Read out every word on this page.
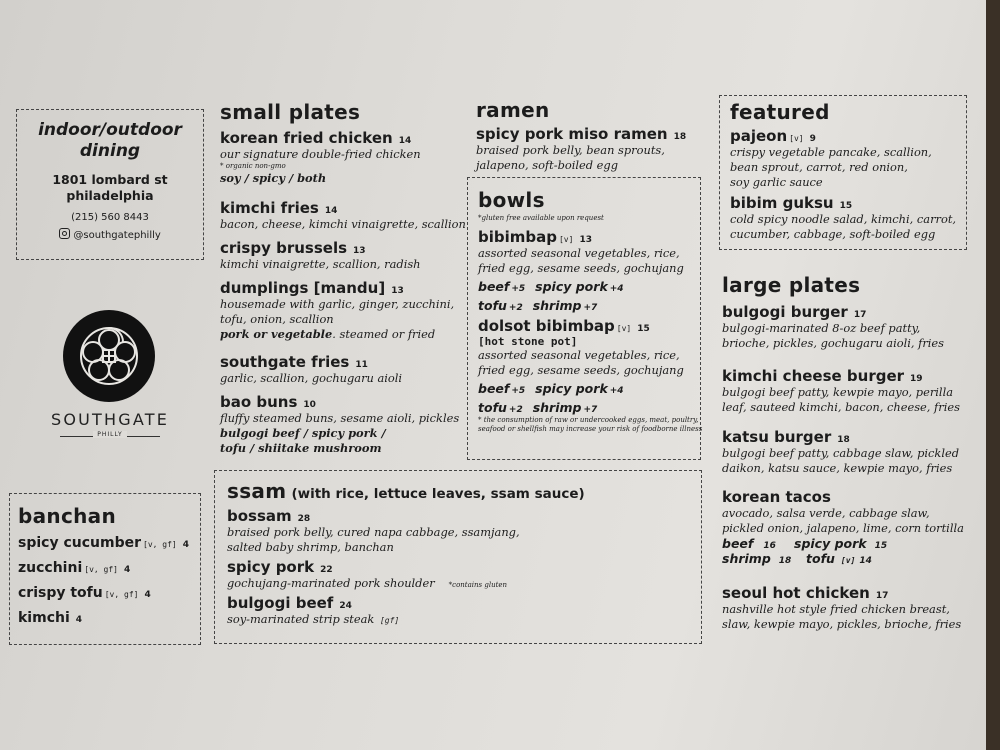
indoor/outdoor
dining
1801 lombard st
philadelphia
(215) 560 8443
@southgatephilly
SOUTHGATE
PHILLY
small plates
korean fried chicken 14
our signature double-fried chicken
* organic non-gmo
soy / spicy / both
kimchi fries 14
bacon, cheese, kimchi vinaigrette, scallion
crispy brussels 13
kimchi vinaigrette, scallion, radish
dumplings [mandu] 13
housemade with garlic, ginger, zucchini,
tofu, onion, scallion
pork or vegetable. steamed or fried
southgate fries 11
garlic, scallion, gochugaru aioli
bao buns 10
fluffy steamed buns, sesame aioli, pickles
bulgogi beef / spicy pork /
tofu / shiitake mushroom
ramen
spicy pork miso ramen 18
braised pork belly, bean sprouts,
jalapeno, soft-boiled egg
bowls
*gluten free available upon request
bibimbap [v] 13
assorted seasonal vegetables, rice,
fried egg, sesame seeds, gochujang
beef +5 spicy pork +4
tofu +2 shrimp +7
dolsot bibimbap [v] 15
[hot stone pot]
assorted seasonal vegetables, rice,
fried egg, sesame seeds, gochujang
beef +5 spicy pork +4
tofu +2 shrimp +7
* the consumption of raw or undercooked eggs, meat, poultry,
seafood or shellfish may increase your risk of foodborne illness
featured
pajeon [v] 9
crispy vegetable pancake, scallion,
bean sprout, carrot, red onion,
soy garlic sauce
bibim guksu 15
cold spicy noodle salad, kimchi, carrot,
cucumber, cabbage, soft-boiled egg
large plates
bulgogi burger 17
bulgogi-marinated 8-oz beef patty,
brioche, pickles, gochugaru aioli, fries
kimchi cheese burger 19
bulgogi beef patty, kewpie mayo, perilla
leaf, sauteed kimchi, bacon, cheese, fries
katsu burger 18
bulgogi beef patty, cabbage slaw, pickled
daikon, katsu sauce, kewpie mayo, fries
korean tacos
avocado, salsa verde, cabbage slaw,
pickled onion, jalapeno, lime, corn tortilla
beef 16 spicy pork 15
shrimp 18 tofu [v] 14
seoul hot chicken 17
nashville hot style fried chicken breast,
slaw, kewpie mayo, pickles, brioche, fries
ssam (with rice, lettuce leaves, ssam sauce)
bossam 28
braised pork belly, cured napa cabbage, ssamjang,
salted baby shrimp, banchan
spicy pork 22
gochujang-marinated pork shoulder *contains gluten
bulgogi beef 24
soy-marinated strip steak [gf]
banchan
spicy cucumber [v, gf] 4
zucchini [v, gf] 4
crispy tofu [v, gf] 4
kimchi 4
